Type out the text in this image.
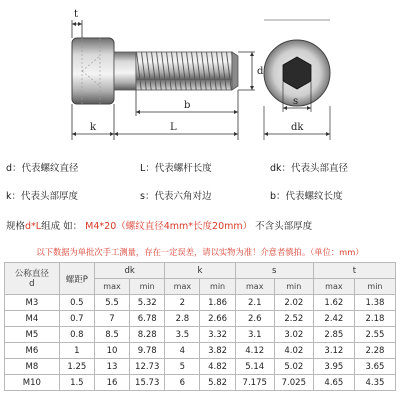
t
d
b
k	L
s
dk
d：代表螺纹直径	L：代表螺杆长度	dk：代表头部直径
k：代表头部厚度	s：代表六角对边	b：代表螺纹长度
规格d*L组成 如： M4*20（螺纹直径4mm*长度20mm） 不含头部厚度
以下数据为单批次手工测量，存在一定误差，请以实物为准！介意者慎拍。（单位：mm）
公称直径
d	螺距P	dk		k		s		t	
		max	min	max	min	max	min	max	min
M3	0.5	5.5	5.32	2	1.86	2.1	2.02	1.62	1.38
M4	0.7	7	6.78	2.8	2.66	2.6	2.52	2.42	2.18
M5	0.8	8.5	8.28	3.5	3.32	3.1	3.02	2.85	2.55
M6	1	10	9.78	4	3.82	4.12	4.02	3.12	2.28
M8	1.25	13	12.73	5	4.82	5.14	5.02	3.95	3.65
M10	1.5	16	15.73	6	5.82	7.175	7.025	4.65	4.35
